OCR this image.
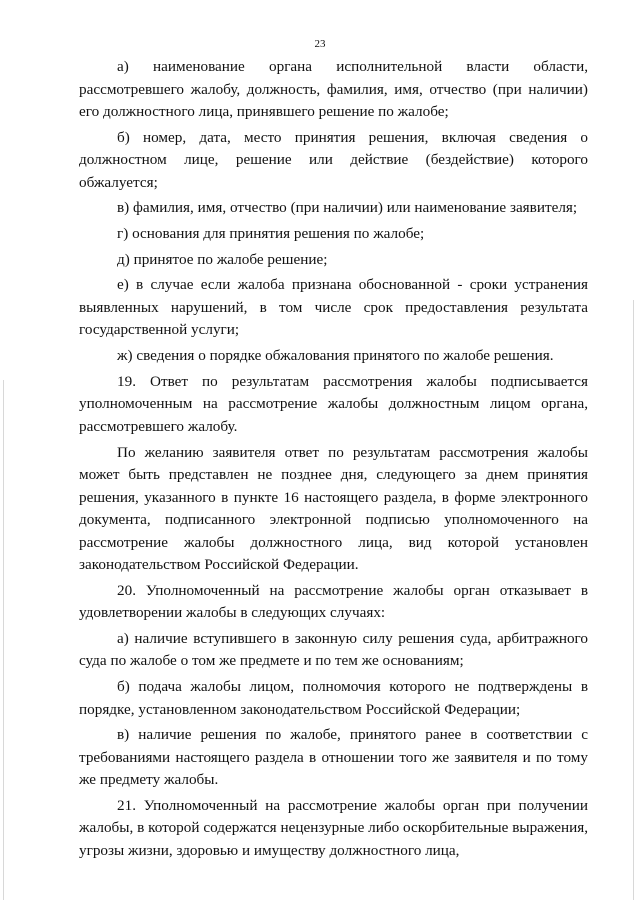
23

а) наименование органа исполнительной власти области, рассмотревшего жалобу, должность, фамилия, имя, отчество (при наличии) его должностного лица, принявшего решение по жалобе;

б) номер, дата, место принятия решения, включая сведения о должностном лице, решение или действие (бездействие) которого обжалуется;

в) фамилия, имя, отчество (при наличии) или наименование заявителя;

г) основания для принятия решения по жалобе;

д) принятое по жалобе решение;

е) в случае если жалоба признана обоснованной - сроки устранения выявленных нарушений, в том числе срок предоставления результата государственной услуги;

ж) сведения о порядке обжалования принятого по жалобе решения.

19. Ответ по результатам рассмотрения жалобы подписывается уполномоченным на рассмотрение жалобы должностным лицом органа, рассмотревшего жалобу.

По желанию заявителя ответ по результатам рассмотрения жалобы может быть представлен не позднее дня, следующего за днем принятия решения, указанного в пункте 16 настоящего раздела, в форме электронного документа, подписанного электронной подписью уполномоченного на рассмотрение жалобы должностного лица, вид которой установлен законодательством Российской Федерации.

20. Уполномоченный на рассмотрение жалобы орган отказывает в удовлетворении жалобы в следующих случаях:

а) наличие вступившего в законную силу решения суда, арбитражного суда по жалобе о том же предмете и по тем же основаниям;

б) подача жалобы лицом, полномочия которого не подтверждены в порядке, установленном законодательством Российской Федерации;

в) наличие решения по жалобе, принятого ранее в соответствии с требованиями настоящего раздела в отношении того же заявителя и по тому же предмету жалобы.

21. Уполномоченный на рассмотрение жалобы орган при получении жалобы, в которой содержатся нецензурные либо оскорбительные выражения, угрозы жизни, здоровью и имуществу должностного лица,
